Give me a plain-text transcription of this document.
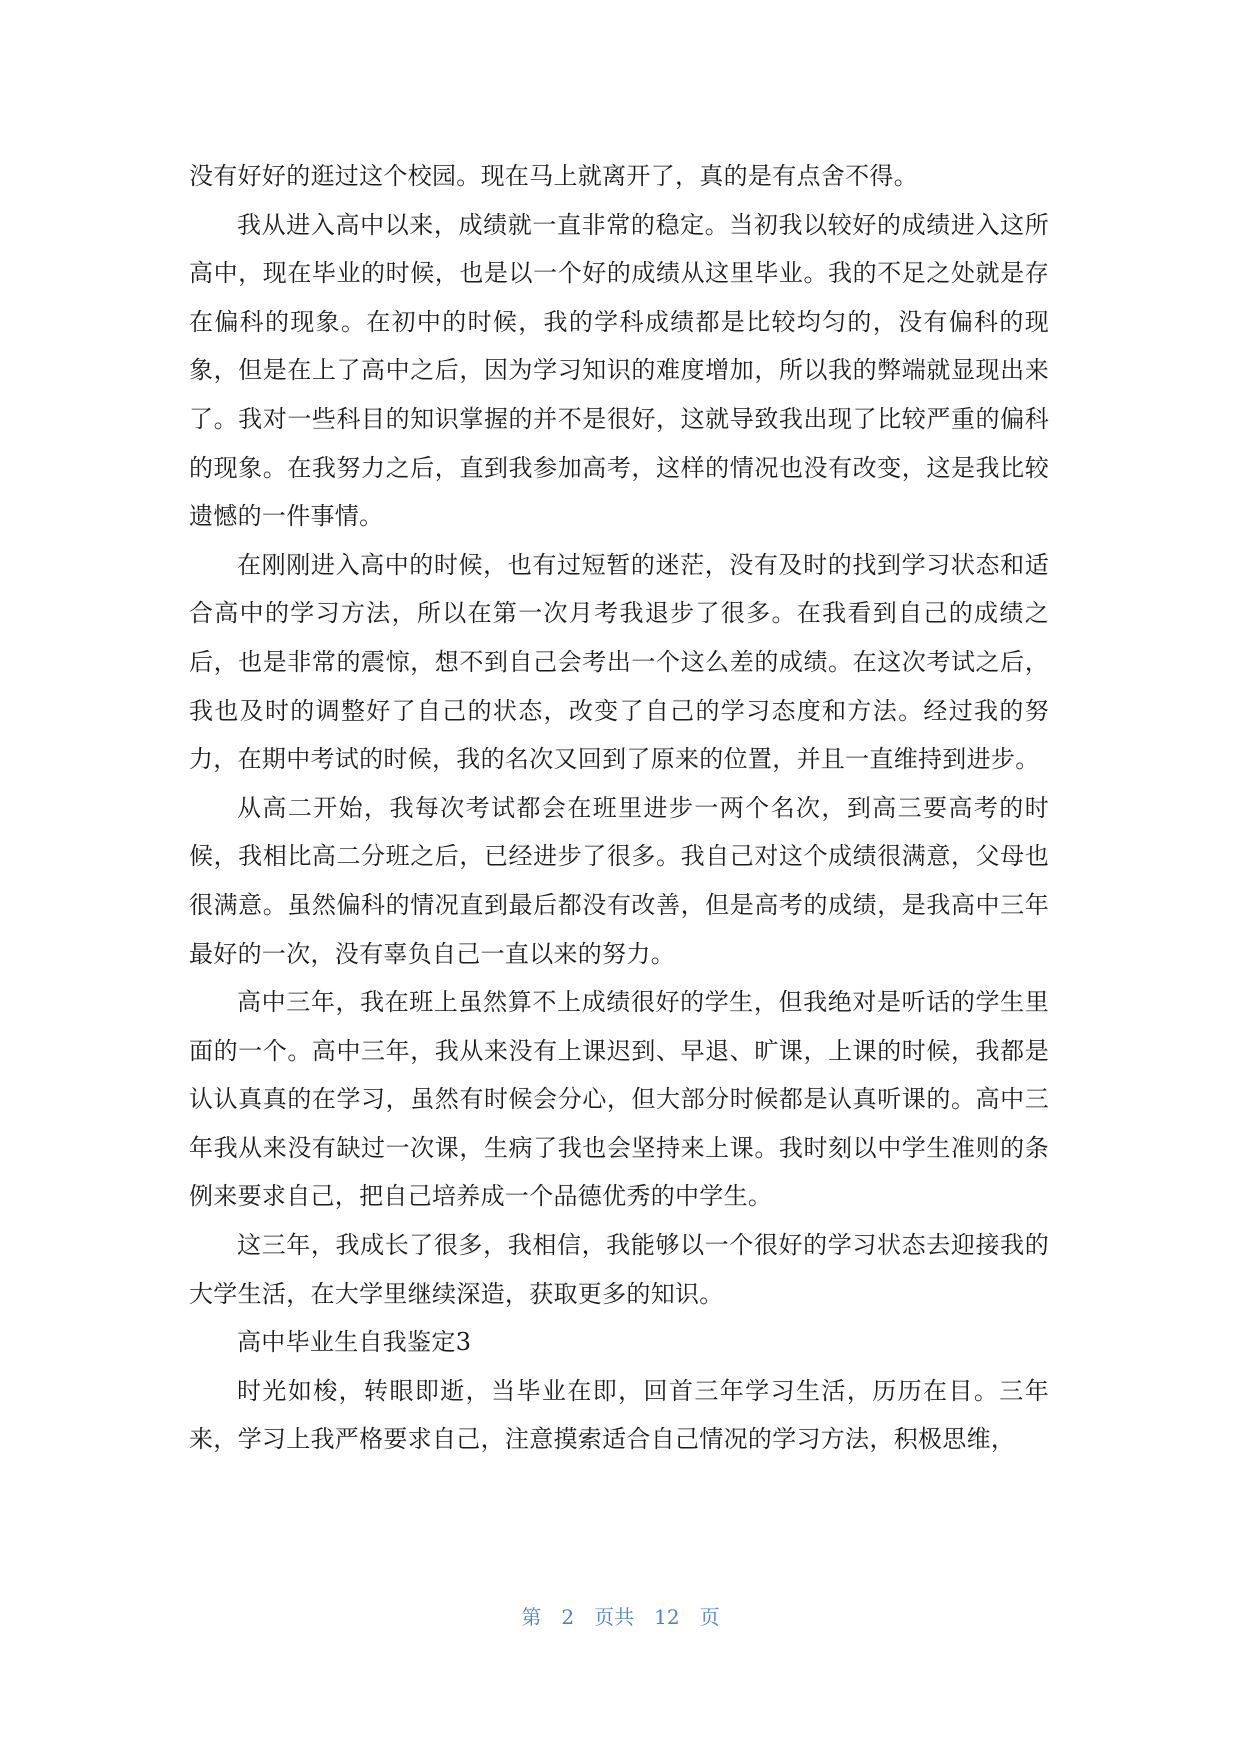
没有好好的逛过这个校园。现在马上就离开了，真的是有点舍不得。

我从进入高中以来，成绩就一直非常的稳定。当初我以较好的成绩进入这所高中，现在毕业的时候，也是以一个好的成绩从这里毕业。我的不足之处就是存在偏科的现象。在初中的时候，我的学科成绩都是比较均匀的，没有偏科的现象，但是在上了高中之后，因为学习知识的难度增加，所以我的弊端就显现出来了。我对一些科目的知识掌握的并不是很好，这就导致我出现了比较严重的偏科的现象。在我努力之后，直到我参加高考，这样的情况也没有改变，这是我比较遗憾的一件事情。

在刚刚进入高中的时候，也有过短暂的迷茫，没有及时的找到学习状态和适合高中的学习方法，所以在第一次月考我退步了很多。在我看到自己的成绩之后，也是非常的震惊，想不到自己会考出一个这么差的成绩。在这次考试之后，我也及时的调整好了自己的状态，改变了自己的学习态度和方法。经过我的努力，在期中考试的时候，我的名次又回到了原来的位置，并且一直维持到进步。

从高二开始，我每次考试都会在班里进步一两个名次，到高三要高考的时候，我相比高二分班之后，已经进步了很多。我自己对这个成绩很满意，父母也很满意。虽然偏科的情况直到最后都没有改善，但是高考的成绩，是我高中三年最好的一次，没有辜负自己一直以来的努力。

高中三年，我在班上虽然算不上成绩很好的学生，但我绝对是听话的学生里面的一个。高中三年，我从来没有上课迟到、早退、旷课，上课的时候，我都是认认真真的在学习，虽然有时候会分心，但大部分时候都是认真听课的。高中三年我从来没有缺过一次课，生病了我也会坚持来上课。我时刻以中学生准则的条例来要求自己，把自己培养成一个品德优秀的中学生。

这三年，我成长了很多，我相信，我能够以一个很好的学习状态去迎接我的大学生活，在大学里继续深造，获取更多的知识。

高中毕业生自我鉴定3

时光如梭，转眼即逝，当毕业在即，回首三年学习生活，历历在目。三年来，学习上我严格要求自己，注意摸索适合自己情况的学习方法，积极思维，

第 2 页共 12 页
